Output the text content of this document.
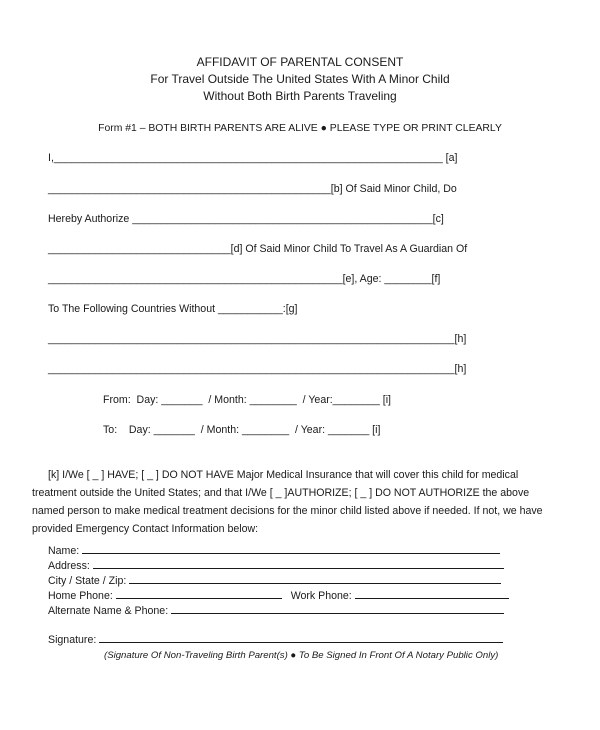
AFFIDAVIT OF PARENTAL CONSENT
For Travel Outside The United States With A Minor Child
Without Both Birth Parents Traveling
Form #1 – BOTH BIRTH PARENTS ARE ALIVE ● PLEASE TYPE OR PRINT CLEARLY
I,__________________________________________________________________ [a]
________________________________________________[b] Of Said Minor Child, Do
Hereby Authorize ___________________________________________________[c]
_______________________________[d] Of Said Minor Child To Travel As A Guardian Of
__________________________________________________[e], Age: ________[f]
To The Following Countries Without ___________:[g]
_____________________________________________________________________[h]
_____________________________________________________________________[h]
From:  Day: _______  / Month: ________  / Year:________ [i]
To:    Day: _______  / Month: ________  / Year: _______ [i]
[k] I/We [ _ ] HAVE; [ _ ] DO NOT HAVE Major Medical Insurance that will cover this child for medical
treatment outside the United States; and that I/We [ _ ]AUTHORIZE; [ _ ] DO NOT AUTHORIZE the above
named person to make medical treatment decisions for the minor child listed above if needed. If not, we have
provided Emergency Contact Information below:
Name:
Address:
City / State / Zip:
Home Phone:	Work Phone:
Alternate Name & Phone:
Signature:
(Signature Of Non-Traveling Birth Parent(s) ● To Be Signed In Front Of A Notary Public Only)
